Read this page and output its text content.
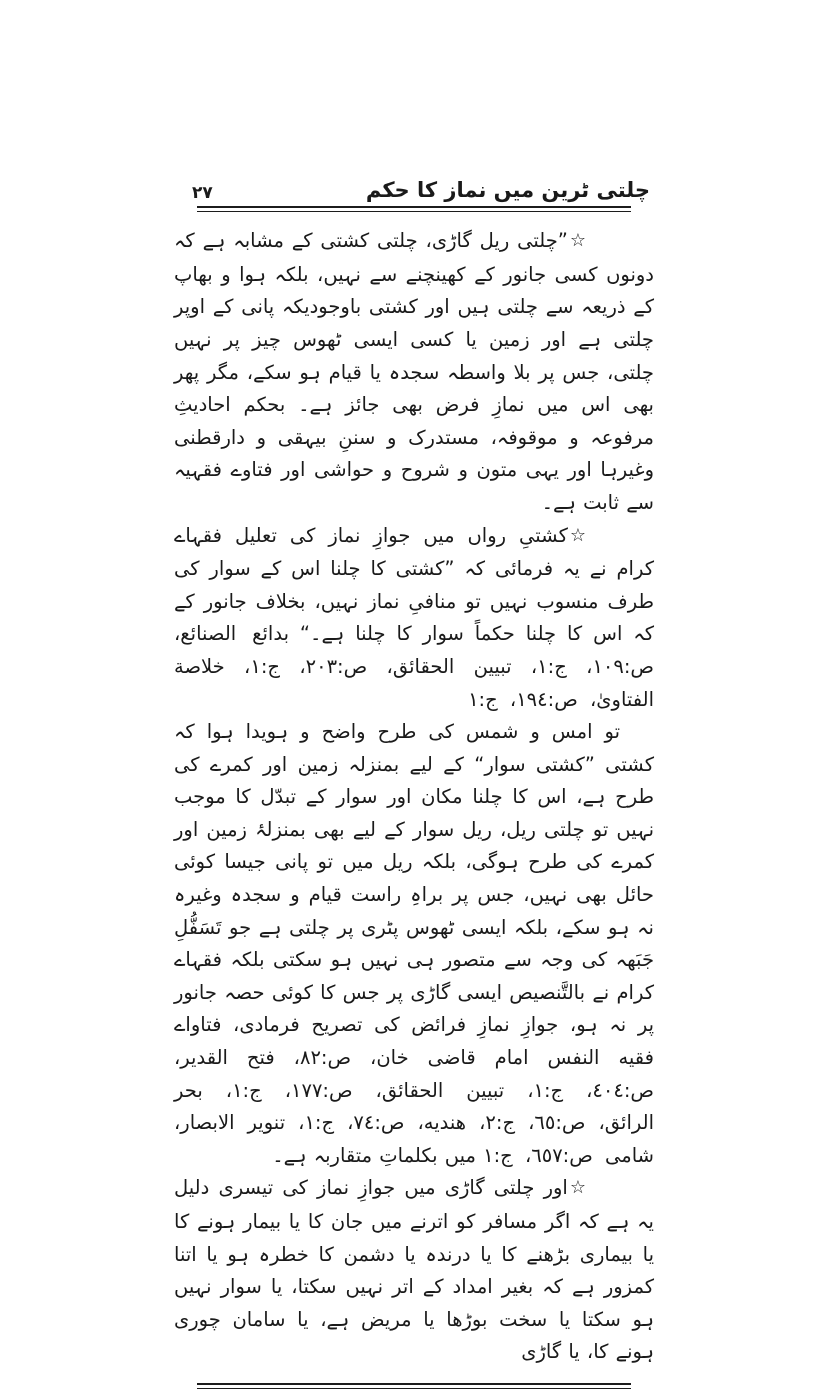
چلتی ٹرین میں نماز کا حکم
۲۷

☆”چلتی ریل گاڑی، چلتی کشتی کے مشابہ ہے کہ دونوں کسی جانور کے کھینچنے سے نہیں، بلکہ ہوا و بھاپ کے ذریعہ سے چلتی ہیں اور کشتی باوجودیکہ پانی کے اوپر چلتی ہے اور زمین یا کسی ایسی ٹھوس چیز پر نہیں چلتی، جس پر بلا واسطہ سجدہ یا قیام ہو سکے، مگر پھر بھی اس میں نمازِ فرض بھی جائز ہے۔ بحکم احادیثِ مرفوعہ و موقوفہ، مستدرک و سننِ بیہقی و دارقطنی وغیرہا اور یہی متون و شروح و حواشی اور فتاوے فقہیہ سے ثابت ہے۔

☆کشتیِ رواں میں جوازِ نماز کی تعلیل فقہاے کرام نے یہ فرمائی کہ ”کشتی کا چلنا اس کے سوار کی طرف منسوب نہیں تو منافیِ نماز نہیں، بخلاف جانور کے کہ اس کا چلنا حکماً سوار کا چلنا ہے۔“ بدائع الصنائع، ص:١٠٩، ج:١، تبیین الحقائق، ص:٢٠٣، ج:١، خلاصة الفتاویٰ، ص:١٩٤، ج:١

تو امس و شمس کی طرح واضح و ہویدا ہوا کہ کشتی ”کشتی سوار“ کے لیے بمنزلہ زمین اور کمرے کی طرح ہے، اس کا چلنا مکان اور سوار کے تبدّل کا موجب نہیں تو چلتی ریل، ریل سوار کے لیے بھی بمنزلۂ زمین اور کمرے کی طرح ہوگی، بلکہ ریل میں تو پانی جیسا کوئی حائل بھی نہیں، جس پر براہِ راست قیام و سجدہ وغیرہ نہ ہو سکے، بلکہ ایسی ٹھوس پٹری پر چلتی ہے جو تَسَفُّلِ جَبَھہ کی وجہ سے متصور ہی نہیں ہو سکتی بلکہ فقہاے کرام نے بالتَّنصیص ایسی گاڑی پر جس کا کوئی حصہ جانور پر نہ ہو، جوازِ نمازِ فرائض کی تصریح فرمادی، فتاواے فقیه النفس امام قاضی خان، ص:٨٢، فتح القدیر، ص:٤٠٤، ج:١، تبیین الحقائق، ص:١٧٧، ج:١، بحر الرائق، ص:٦٥، ج:٢، هندیه، ص:٧٤، ج:١، تنویر الابصار، شامی ص:٦٥٧، ج:١ میں بکلماتِ متقاربہ ہے۔

☆اور چلتی گاڑی میں جوازِ نماز کی تیسری دلیل یہ ہے کہ اگر مسافر کو اترنے میں جان کا یا بیمار ہونے کا یا بیماری بڑھنے کا یا درندہ یا دشمن کا خطرہ ہو یا اتنا کمزور ہے کہ بغیر امداد کے اتر نہیں سکتا، یا سوار نہیں ہو سکتا یا سخت بوڑھا یا مریض ہے، یا سامان چوری ہونے کا، یا گاڑی
